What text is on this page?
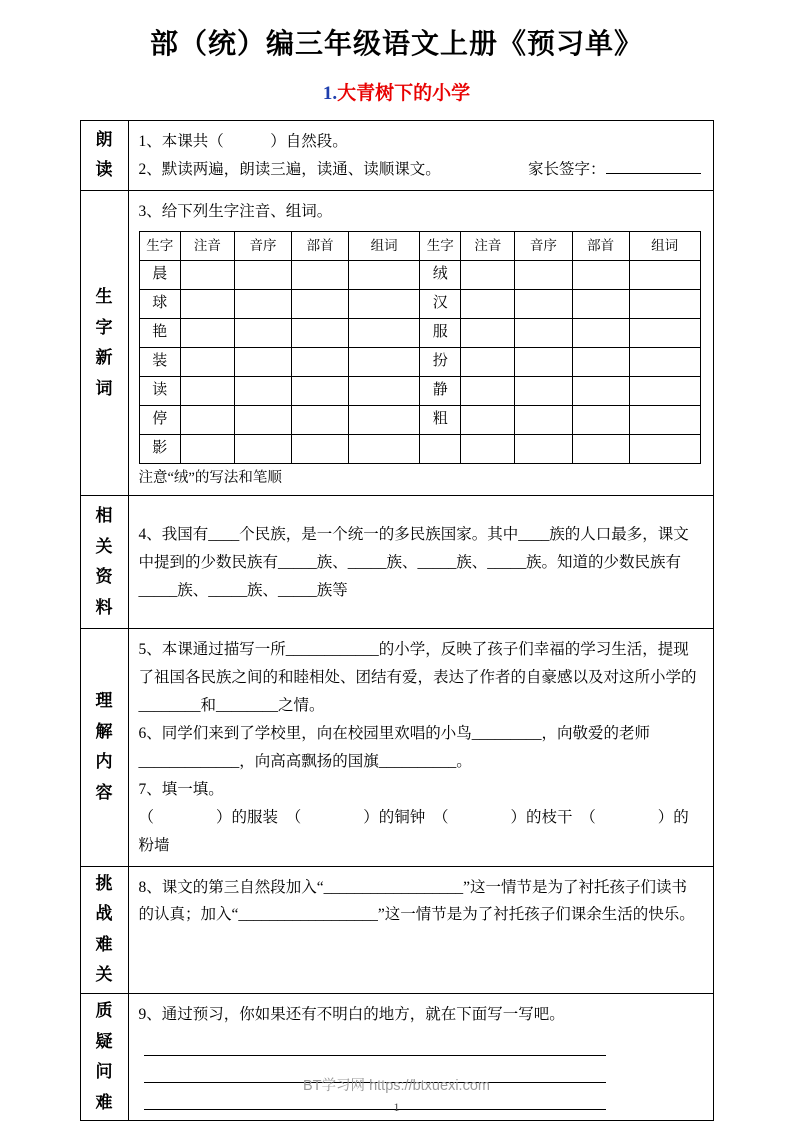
部（统）编三年级语文上册《预习单》
1.大青树下的小学
朗读	
1、本课共（　　　）自然段。
2、默读两遍，朗读三遍，读通、读顺课文。	家长签字：

生字新词	
3、给下列生字注音、组词。
生字	注音	音序	部首	组词	生字	注音	音序	部首	组词
晨					绒				
球					汉				
艳					服				
装					扮				
读					静				
停					粗				
影									
注意“绒”的写法和笔顺

相关资料	
4、我国有____个民族，是一个统一的多民族国家。其中____族的人口最多，课文中提到的少数民族有_____族、_____族、_____族、_____族。知道的少数民族有_____族、_____族、_____族等

理解内容	
5、本课通过描写一所____________的小学，反映了孩子们幸福的学习生活，提现了祖国各民族之间的和睦相处、团结有爱，表达了作者的自豪感以及对这所小学的________和________之情。
6、同学们来到了学校里，向在校园里欢唱的小鸟_________，向敬爱的老师_____________，向高高飘扬的国旗__________。
7、填一填。
（　　　　）的服装　（　　　　）的铜钟　（　　　　）的枝干　（　　　　）的粉墙

挑战难关	
8、课文的第三自然段加入“__________________”这一情节是为了衬托孩子们读书的认真；加入“__________________”这一情节是为了衬托孩子们课余生活的快乐。

质疑问难	
9、通过预习，你如果还有不明白的地方，就在下面写一写吧。
BT学习网 https://btxuexi.com
1
